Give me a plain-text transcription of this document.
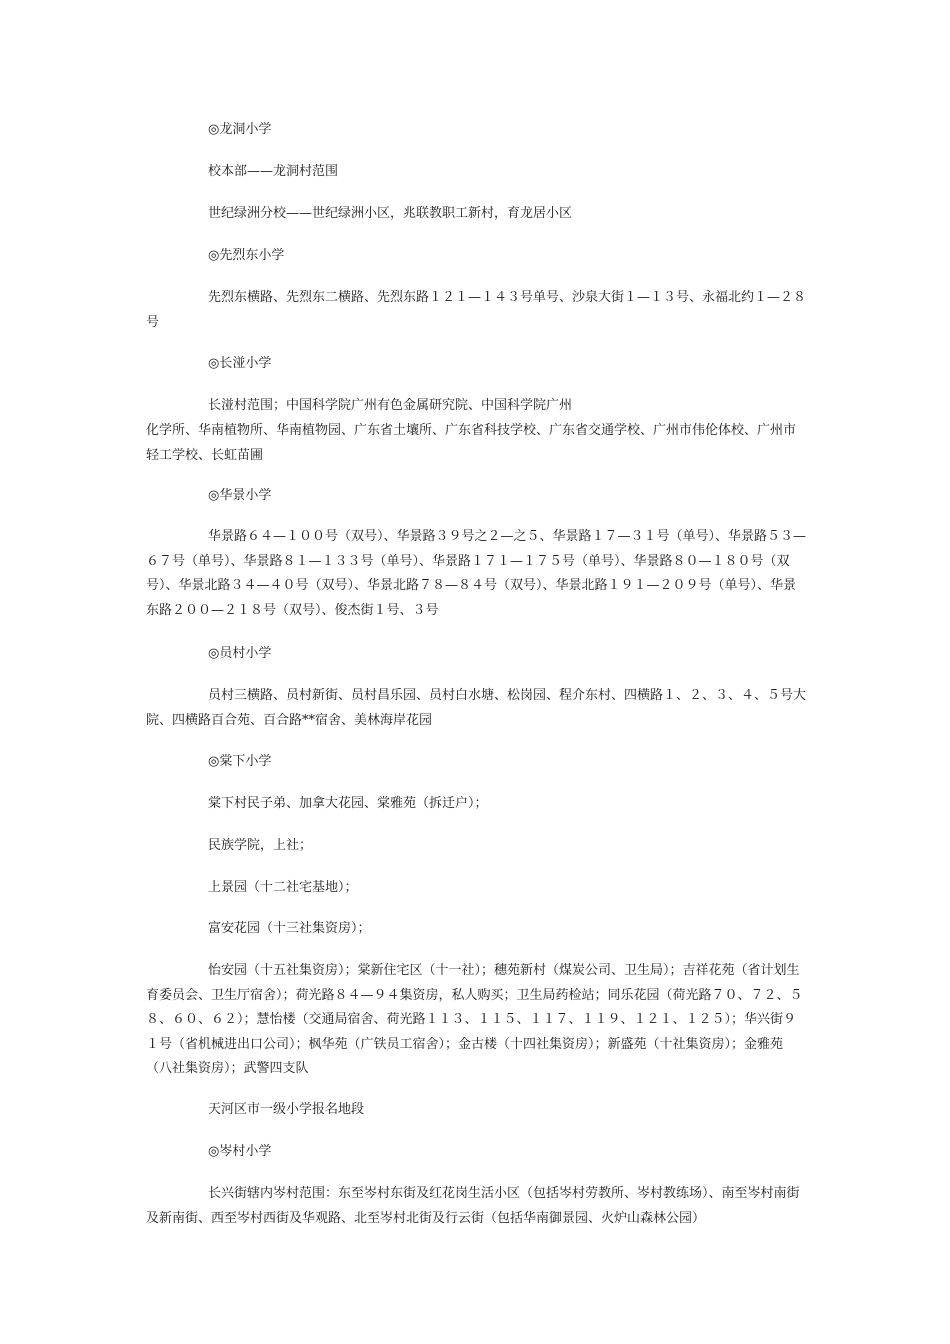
◎龙洞小学

校本部——龙洞村范围

世纪绿洲分校——世纪绿洲小区，兆联教职工新村，育龙居小区

◎先烈东小学

先烈东横路、先烈东二横路、先烈东路１２１—１４３号单号、沙泉大街１—１３号、永福北约１—２８号

◎长湴小学

长湴村范围；中国科学院广州有色金属研究院、中国科学院广州

化学所、华南植物所、华南植物园、广东省土壤所、广东省科技学校、广东省交通学校、广州市伟伦体校、广州市轻工学校、长虹苗圃

◎华景小学

华景路６４—１００号（双号）、华景路３９号之２—之５、华景路１７—３１号（单号）、华景路５３—６７号（单号）、华景路８１—１３３号（单号）、华景路１７１—１７５号（单号）、华景路８０—１８０号（双号）、华景北路３４—４０号（双号）、华景北路７８—８４号（双号）、华景北路１９１—２０９号（单号）、华景东路２００—２１８号（双号）、俊杰街１号、３号

◎员村小学

员村三横路、员村新街、员村昌乐园、员村白水塘、松岗园、程介东村、四横路１、２、３、４、５号大院、四横路百合苑、百合路**宿舍、美林海岸花园

◎棠下小学

棠下村民子弟、加拿大花园、棠雅苑（拆迁户）；

民族学院，上社；

上景园（十二社宅基地）；

富安花园（十三社集资房）；

怡安园（十五社集资房）；棠新住宅区（十一社）；穗苑新村（煤炭公司、卫生局）；吉祥花苑（省计划生育委员会、卫生厅宿舍）；荷光路８４—９４集资房，私人购买；卫生局药检站；同乐花园（荷光路７０、７２、５８、６０、６２）；慧怡楼（交通局宿舍、荷光路１１３、１１５、１１７、１１９、１２１、１２５）；华兴街９１号（省机械进出口公司）；枫华苑（广铁员工宿舍）；金古楼（十四社集资房）；新盛苑（十社集资房）；金雅苑（八社集资房）；武警四支队

天河区市一级小学报名地段

◎岑村小学

长兴街辖内岑村范围：东至岑村东街及红花岗生活小区（包括岑村劳教所、岑村教练场）、南至岑村南街及新南街、西至岑村西街及华观路、北至岑村北街及行云街（包括华南御景园、火炉山森林公园）
